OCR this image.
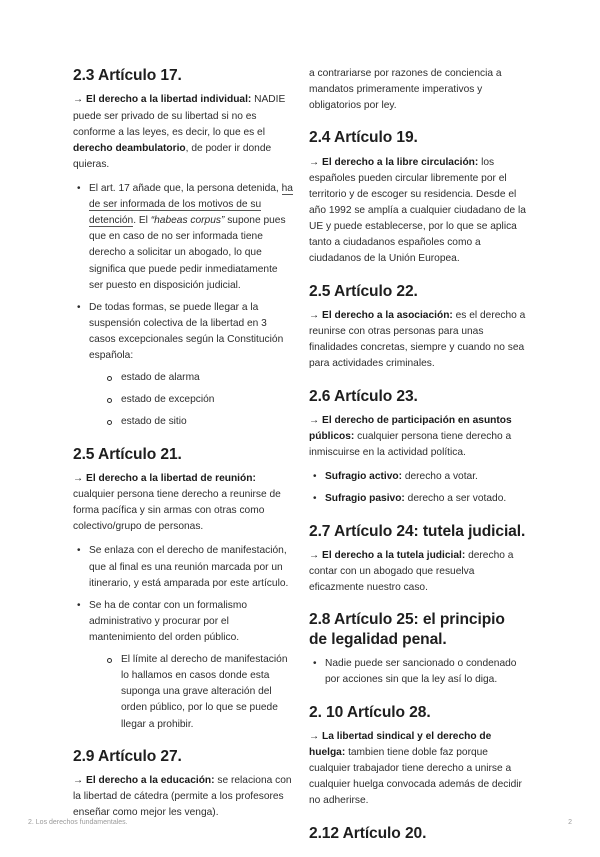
2.3 Artículo 17.

→ El derecho a la libertad individual: NADIE puede ser privado de su libertad si no es conforme a las leyes, es decir, lo que es el derecho deambulatorio, de poder ir donde quieras.

• El art. 17 añade que, la persona detenida, ha de ser informada de los motivos de su detención. El “habeas corpus” supone pues que en caso de no ser informada tiene derecho a solicitar un abogado, lo que significa que puede pedir inmediatamente ser puesto en disposición judicial.
• De todas formas, se puede llegar a la suspensión colectiva de la libertad en 3 casos excepcionales según la Constitución española:
estado de alarma
estado de excepción
estado de sitio
2.5 Artículo 21.

→ El derecho a la libertad de reunión: cualquier persona tiene derecho a reunirse de forma pacífica y sin armas con otras como colectivo/grupo de personas.

• Se enlaza con el derecho de manifestación, que al final es una reunión marcada por un itinerario, y está amparada por este artículo.
• Se ha de contar con un formalismo administrativo y procurar por el mantenimiento del orden público.
El límite al derecho de manifestación lo hallamos en casos donde esta suponga una grave alteración del orden público, por lo que se puede llegar a prohibir.
2.9 Artículo 27.

→ El derecho a la educación: se relaciona con la libertad de cátedra (permite a los profesores enseñar como mejor les venga).

a contrariarse por razones de conciencia a mandatos primeramente imperativos y obligatorios por ley.

2.4 Artículo 19.

→ El derecho a la libre circulación: los españoles pueden circular libremente por el territorio y de escoger su residencia. Desde el año 1992 se amplía a cualquier ciudadano de la UE y puede establecerse, por lo que se aplica tanto a ciudadanos españoles como a ciudadanos de la Unión Europea.

2.5 Artículo 22.

→ El derecho a la asociación: es el derecho a reunirse con otras personas para unas finalidades concretas, siempre y cuando no sea para actividades criminales.

2.6 Artículo 23.

→ El derecho de participación en asuntos públicos: cualquier persona tiene derecho a inmiscuirse en la actividad política.

• Sufragio activo: derecho a votar.
• Sufragio pasivo: derecho a ser votado.
2.7 Artículo 24: tutela judicial.

→ El derecho a la tutela judicial: derecho a contar con un abogado que resuelva eficazmente nuestro caso.

2.8 Artículo 25: el principio de legalidad penal.
• Nadie puede ser sancionado o condenado por acciones sin que la ley así lo diga.
2. 10 Artículo 28.

→ La libertad sindical y el derecho de huelga: tambien tiene doble faz porque cualquier trabajador tiene derecho a unirse a cualquier huelga convocada además de decidir no adherirse.

2.12 Artículo 20.
2. Los derechos fundamentales.	2
